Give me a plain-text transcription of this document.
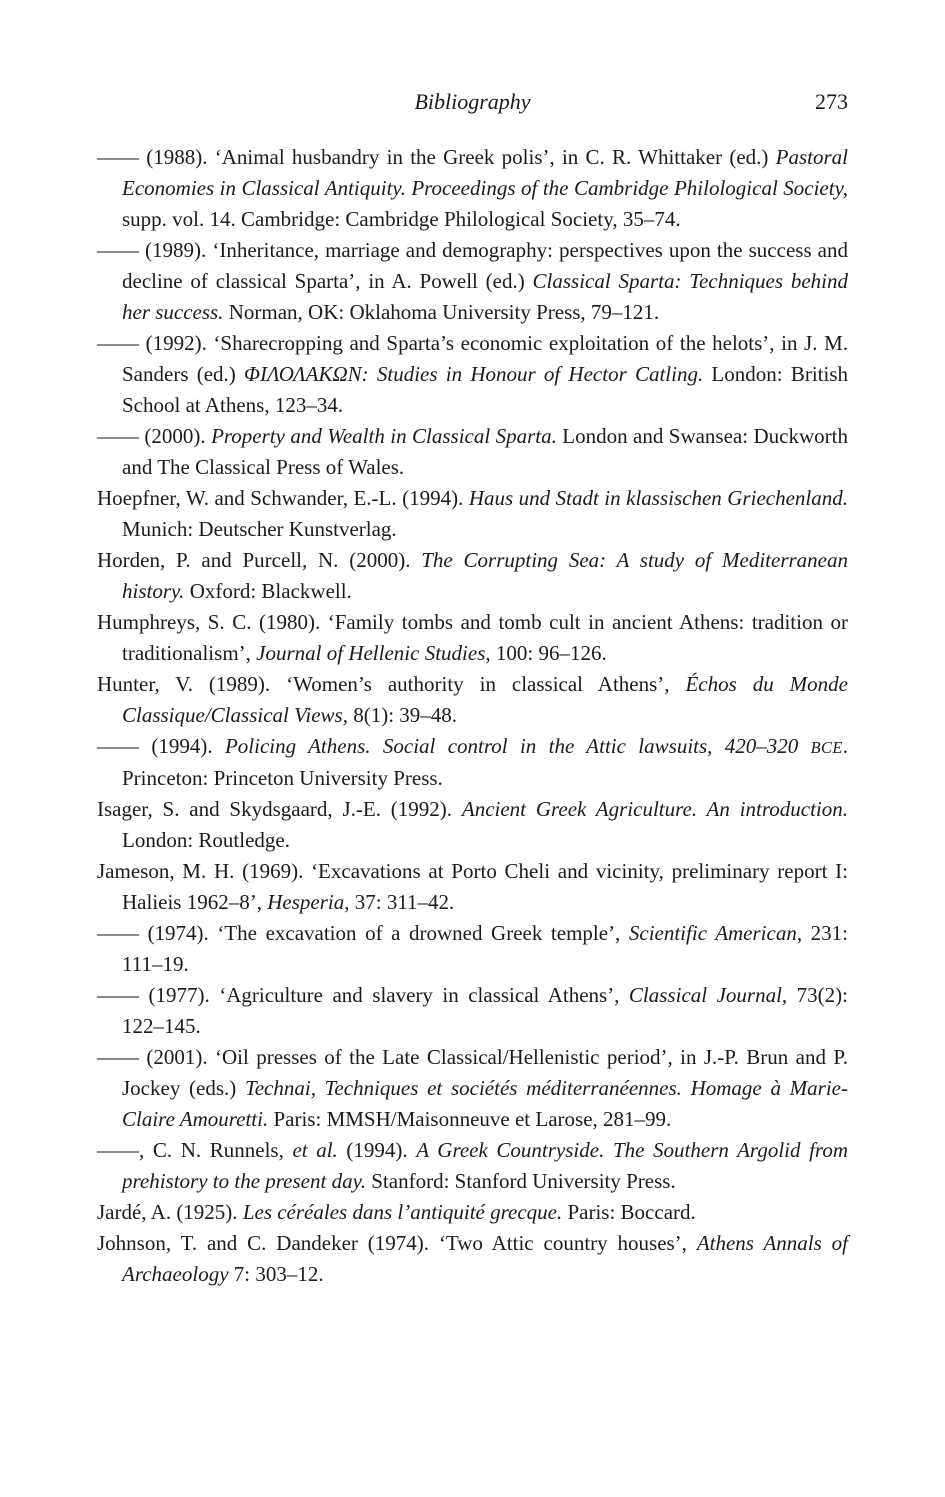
Bibliography	273

—— (1988). ‘Animal husbandry in the Greek polis’, in C. R. Whittaker (ed.) Pastoral Economies in Classical Antiquity. Proceedings of the Cambridge Philological Society, supp. vol. 14. Cambridge: Cambridge Philological Society, 35–74.

—— (1989). ‘Inheritance, marriage and demography: perspectives upon the success and decline of classical Sparta’, in A. Powell (ed.) Classical Sparta: Techniques behind her success. Norman, OK: Oklahoma University Press, 79–121.

—— (1992). ‘Sharecropping and Sparta’s economic exploitation of the helots’, in J. M. Sanders (ed.) ΦΙΛΟΛΑΚΩΝ: Studies in Honour of Hector Catling. London: British School at Athens, 123–34.

—— (2000). Property and Wealth in Classical Sparta. London and Swansea: Duckworth and The Classical Press of Wales.

Hoepfner, W. and Schwander, E.-L. (1994). Haus und Stadt in klassischen Griechenland. Munich: Deutscher Kunstverlag.

Horden, P. and Purcell, N. (2000). The Corrupting Sea: A study of Mediterranean history. Oxford: Blackwell.

Humphreys, S. C. (1980). ‘Family tombs and tomb cult in ancient Athens: tradition or traditionalism’, Journal of Hellenic Studies, 100: 96–126.

Hunter, V. (1989). ‘Women’s authority in classical Athens’, Échos du Monde Classique/Classical Views, 8(1): 39–48.

—— (1994). Policing Athens. Social control in the Attic lawsuits, 420–320 BCE. Princeton: Princeton University Press.

Isager, S. and Skydsgaard, J.-E. (1992). Ancient Greek Agriculture. An introduction. London: Routledge.

Jameson, M. H. (1969). ‘Excavations at Porto Cheli and vicinity, preliminary report I: Halieis 1962–8’, Hesperia, 37: 311–42.

—— (1974). ‘The excavation of a drowned Greek temple’, Scientific American, 231: 111–19.

—— (1977). ‘Agriculture and slavery in classical Athens’, Classical Journal, 73(2): 122–145.

—— (2001). ‘Oil presses of the Late Classical/Hellenistic period’, in J.-P. Brun and P. Jockey (eds.) Technai, Techniques et sociétés méditerranéennes. Homage à Marie-Claire Amouretti. Paris: MMSH/Maisonneuve et Larose, 281–99.

——, C. N. Runnels, et al. (1994). A Greek Countryside. The Southern Argolid from prehistory to the present day. Stanford: Stanford University Press.

Jardé, A. (1925). Les céréales dans l’antiquité grecque. Paris: Boccard.

Johnson, T. and C. Dandeker (1974). ‘Two Attic country houses’, Athens Annals of Archaeology 7: 303–12.
